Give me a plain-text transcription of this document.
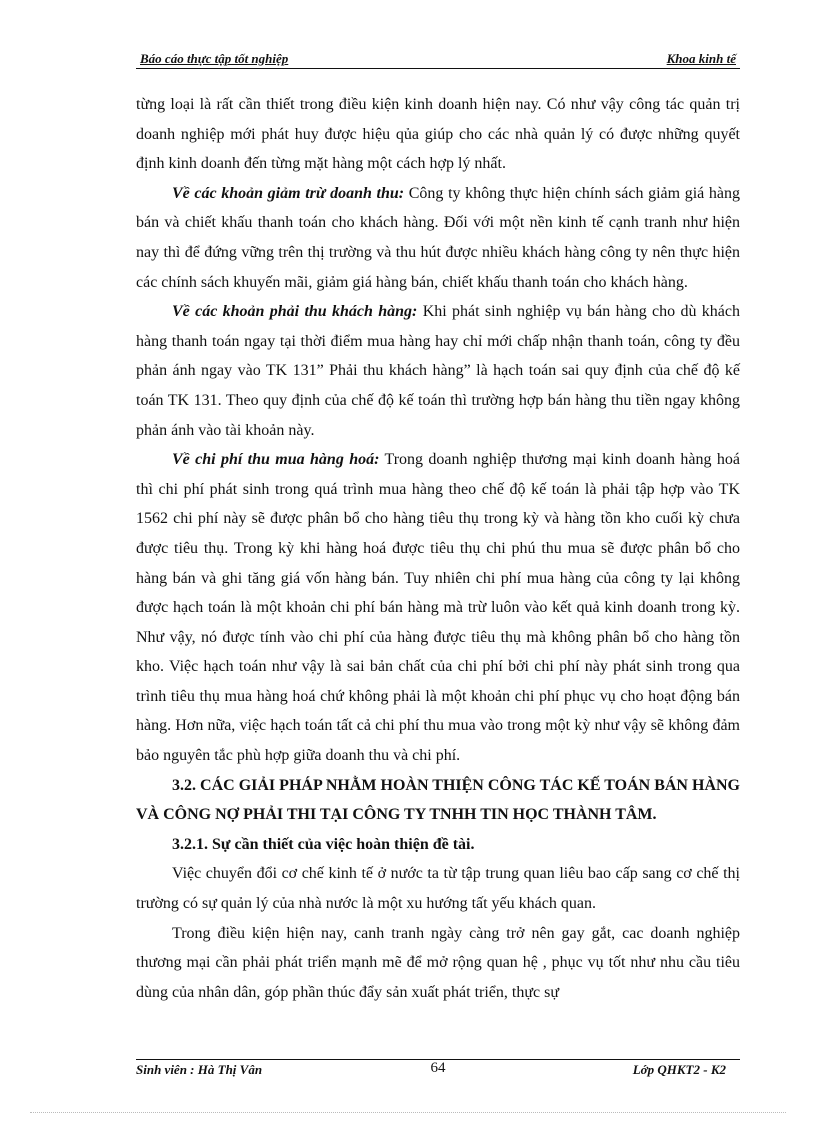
Báo cáo thực tập tốt nghiệp	Khoa kinh tế

từng loại là rất cần thiết trong điều kiện kinh doanh hiện nay. Có như vậy công tác quản trị doanh nghiệp mới phát huy được hiệu qủa giúp cho các nhà quản lý có được những quyết định kinh doanh đến từng mặt hàng một cách hợp lý nhất.

Về các khoản giảm trừ doanh thu: Công ty không thực hiện chính sách giảm giá hàng bán và chiết khấu thanh toán cho khách hàng. Đối với một nền kinh tế cạnh tranh như hiện nay thì để đứng vững trên thị trường và thu hút được nhiều khách hàng công ty nên thực hiện các chính sách khuyến mãi, giảm giá hàng bán, chiết khấu thanh toán cho khách hàng.

Về các khoản phải thu khách hàng: Khi phát sinh nghiệp vụ bán hàng cho dù khách hàng thanh toán ngay tại thời điểm mua hàng hay chỉ mới chấp nhận thanh toán, công ty đều phản ánh ngay vào TK 131” Phải thu khách hàng” là hạch toán sai quy định của chế độ kế toán TK 131. Theo quy định của chế độ kế toán thì trường hợp bán hàng thu tiền ngay không phản ánh vào tài khoản này.

Về chi phí thu mua hàng hoá: Trong doanh nghiệp thương mại kinh doanh hàng hoá thì chi phí phát sinh trong quá trình mua hàng theo chế độ kế toán là phải tập hợp vào TK 1562 chi phí này sẽ được phân bổ cho hàng tiêu thụ trong kỳ và hàng tồn kho cuối kỳ chưa được tiêu thụ. Trong kỳ khi hàng hoá được tiêu thụ chi phú thu mua sẽ được phân bổ cho hàng bán và ghi tăng giá vốn hàng bán. Tuy nhiên chi phí mua hàng của công ty lại không được hạch toán là một khoản chi phí bán hàng mà trừ luôn vào kết quả kinh doanh trong kỳ. Như vậy, nó được tính vào chi phí của hàng được tiêu thụ mà không phân bổ cho hàng tồn kho. Việc hạch toán như vậy là sai bản chất của chi phí bởi chi phí này phát sinh trong qua trình tiêu thụ mua hàng hoá chứ không phải là một khoản chi phí phục vụ cho hoạt động bán hàng. Hơn nữa, việc hạch toán tất cả chi phí thu mua vào trong một kỳ như vậy sẽ không đảm bảo nguyên tắc phù hợp giữa doanh thu và chi phí.

3.2. CÁC GIẢI PHÁP NHẰM HOÀN THIỆN CÔNG TÁC KẾ TOÁN BÁN HÀNG VÀ CÔNG NỢ PHẢI THI TẠI CÔNG TY TNHH TIN HỌC THÀNH TÂM.

3.2.1. Sự cần thiết của việc hoàn thiện đề tài.

Việc chuyển đổi cơ chế kinh tế ở nước ta từ tập trung quan liêu bao cấp sang cơ chế thị trường có sự quản lý của nhà nước là một xu hướng tất yếu khách quan.

Trong điều kiện hiện nay, canh tranh ngày càng trở nên gay gắt, cac doanh nghiệp thương mại cần phải phát triển mạnh mẽ để mở rộng quan hệ , phục vụ tốt như nhu cầu tiêu dùng của nhân dân, góp phần thúc đẩy sản xuất phát triển, thực sự

Sinh viên : Hà Thị Vân	64	Lớp QHKT2 - K2
